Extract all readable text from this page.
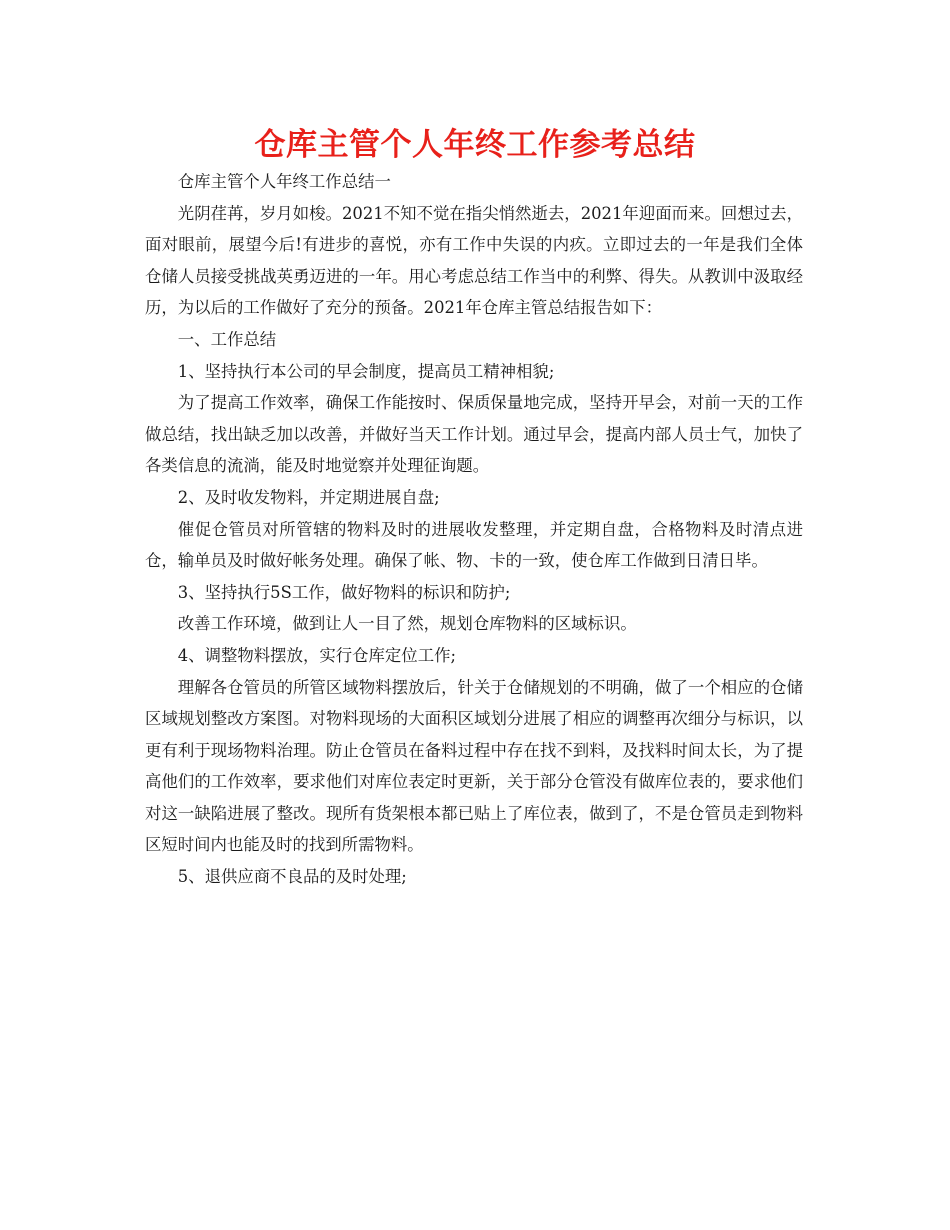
仓库主管个人年终工作参考总结

仓库主管个人年终工作总结一

光阴荏苒，岁月如梭。2021不知不觉在指尖悄然逝去，2021年迎面而来。回想过去，面对眼前，展望今后!有进步的喜悦，亦有工作中失误的内疚。立即过去的一年是我们全体仓储人员接受挑战英勇迈进的一年。用心考虑总结工作当中的利弊、得失。从教训中汲取经历，为以后的工作做好了充分的预备。2021年仓库主管总结报告如下：

一、工作总结

1、坚持执行本公司的早会制度，提高员工精神相貌;

为了提高工作效率，确保工作能按时、保质保量地完成，坚持开早会，对前一天的工作做总结，找出缺乏加以改善，并做好当天工作计划。通过早会，提高内部人员士气，加快了各类信息的流淌，能及时地觉察并处理征询题。

2、及时收发物料，并定期进展自盘;

催促仓管员对所管辖的物料及时的进展收发整理，并定期自盘，合格物料及时清点进仓，输单员及时做好帐务处理。确保了帐、物、卡的一致，使仓库工作做到日清日毕。

3、坚持执行5S工作，做好物料的标识和防护;

改善工作环境，做到让人一目了然，规划仓库物料的区域标识。

4、调整物料摆放，实行仓库定位工作;

理解各仓管员的所管区域物料摆放后，针关于仓储规划的不明确，做了一个相应的仓储区域规划整改方案图。对物料现场的大面积区域划分进展了相应的调整再次细分与标识，以更有利于现场物料治理。防止仓管员在备料过程中存在找不到料，及找料时间太长，为了提高他们的工作效率，要求他们对库位表定时更新，关于部分仓管没有做库位表的，要求他们对这一缺陷进展了整改。现所有货架根本都已贴上了库位表，做到了，不是仓管员走到物料区短时间内也能及时的找到所需物料。

5、退供应商不良品的及时处理;
